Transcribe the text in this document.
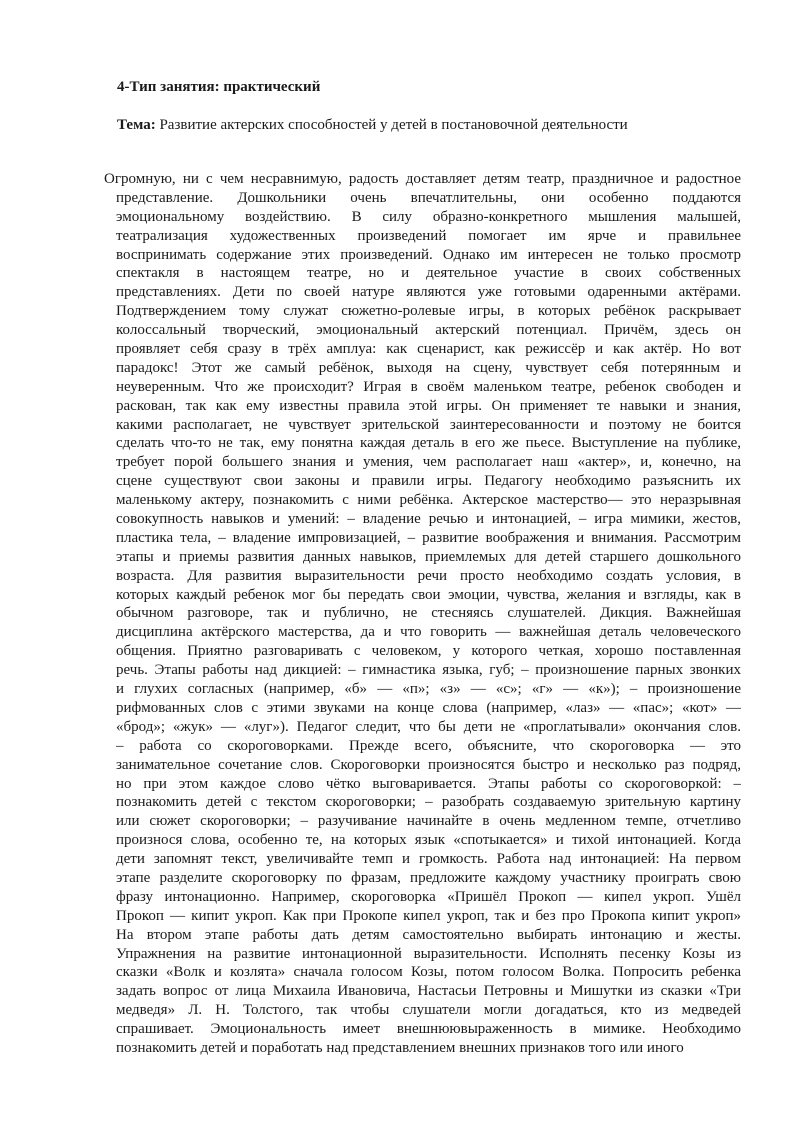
4-Тип занятия: практический
Тема: Развитие актерских способностей у детей в постановочной деятельности
Огромную, ни с чем несравнимую, радость доставляет детям театр, праздничное и радостное
представление. Дошкольники очень впечатлительны, они особенно поддаются
эмоциональному воздействию. В силу образно-конкретного мышления малышей,
театрализация художественных произведений помогает им ярче и правильнее
воспринимать содержание этих произведений. Однако им интересен не только просмотр
спектакля в настоящем театре, но и деятельное участие в своих собственных
представлениях. Дети по своей натуре являются уже готовыми одаренными актёрами.
Подтверждением тому служат сюжетно-ролевые игры, в которых ребёнок раскрывает
колоссальный творческий, эмоциональный актерский потенциал. Причём, здесь он
проявляет себя сразу в трёх амплуа: как сценарист, как режиссёр и как актёр. Но вот
парадокс! Этот же самый ребёнок, выходя на сцену, чувствует себя потерянным и
неуверенным. Что же происходит? Играя в своём маленьком театре, ребенок свободен и
раскован, так как ему известны правила этой игры. Он применяет те навыки и знания,
какими располагает, не чувствует зрительской заинтересованности и поэтому не боится
сделать что-то не так, ему понятна каждая деталь в его же пьесе. Выступление на публике,
требует порой большего знания и умения, чем располагает наш «актер», и, конечно, на
сцене существуют свои законы и правили игры. Педагогу необходимо разъяснить их
маленькому актеру, познакомить с ними ребёнка. Актерское мастерство— это неразрывная
совокупность навыков и умений: – владение речью и интонацией, – игра мимики, жестов,
пластика тела, – владение импровизацией, – развитие воображения и внимания. Рассмотрим
этапы и приемы развития данных навыков, приемлемых для детей старшего дошкольного
возраста. Для развития выразительности речи просто необходимо создать условия, в
которых каждый ребенок мог бы передать свои эмоции, чувства, желания и взгляды, как в
обычном разговоре, так и публично, не стесняясь слушателей. Дикция. Важнейшая
дисциплина актёрского мастерства, да и что говорить — важнейшая деталь человеческого
общения. Приятно разговаривать с человеком, у которого четкая, хорошо поставленная
речь. Этапы работы над дикцией: – гимнастика языка, губ; – произношение парных звонких
и глухих согласных (например, «б» — «п»; «з» — «с»; «г» — «к»); – произношение
рифмованных слов с этими звуками на конце слова (например, «лаз» — «пас»; «кот» —
«брод»; «жук» — «луг»). Педагог следит, что бы дети не «проглатывали» окончания слов.
– работа со скороговорками. Прежде всего, объясните, что скороговорка — это
занимательное сочетание слов. Скороговорки произносятся быстро и несколько раз подряд,
но при этом каждое слово чётко выговаривается. Этапы работы со скороговоркой: –
познакомить детей с текстом скороговорки; – разобрать создаваемую зрительную картину
или сюжет скороговорки; – разучивание начинайте в очень медленном темпе, отчетливо
произнося слова, особенно те, на которых язык «спотыкается» и тихой интонацией. Когда
дети запомнят текст, увеличивайте темп и громкость. Работа над интонацией: На первом
этапе разделите скороговорку по фразам, предложите каждому участнику проиграть свою
фразу интонационно. Например, скороговорка «Пришёл Прокоп — кипел укроп. Ушёл
Прокоп — кипит укроп. Как при Прокопе кипел укроп, так и без про Прокопа кипит укроп»
На втором этапе работы дать детям самостоятельно выбирать интонацию и жесты.
Упражнения на развитие интонационной выразительности. Исполнять песенку Козы из
сказки «Волк и козлята» сначала голосом Козы, потом голосом Волка. Попросить ребенка
задать вопрос от лица Михаила Ивановича, Настасьи Петровны и Мишутки из сказки «Три
медведя» Л. Н. Толстого, так чтобы слушатели могли догадаться, кто из медведей
спрашивает. Эмоциональность имеет внешнюювыраженность в мимике. Необходимо
познакомить детей и поработать над представлением внешних признаков того или иного
